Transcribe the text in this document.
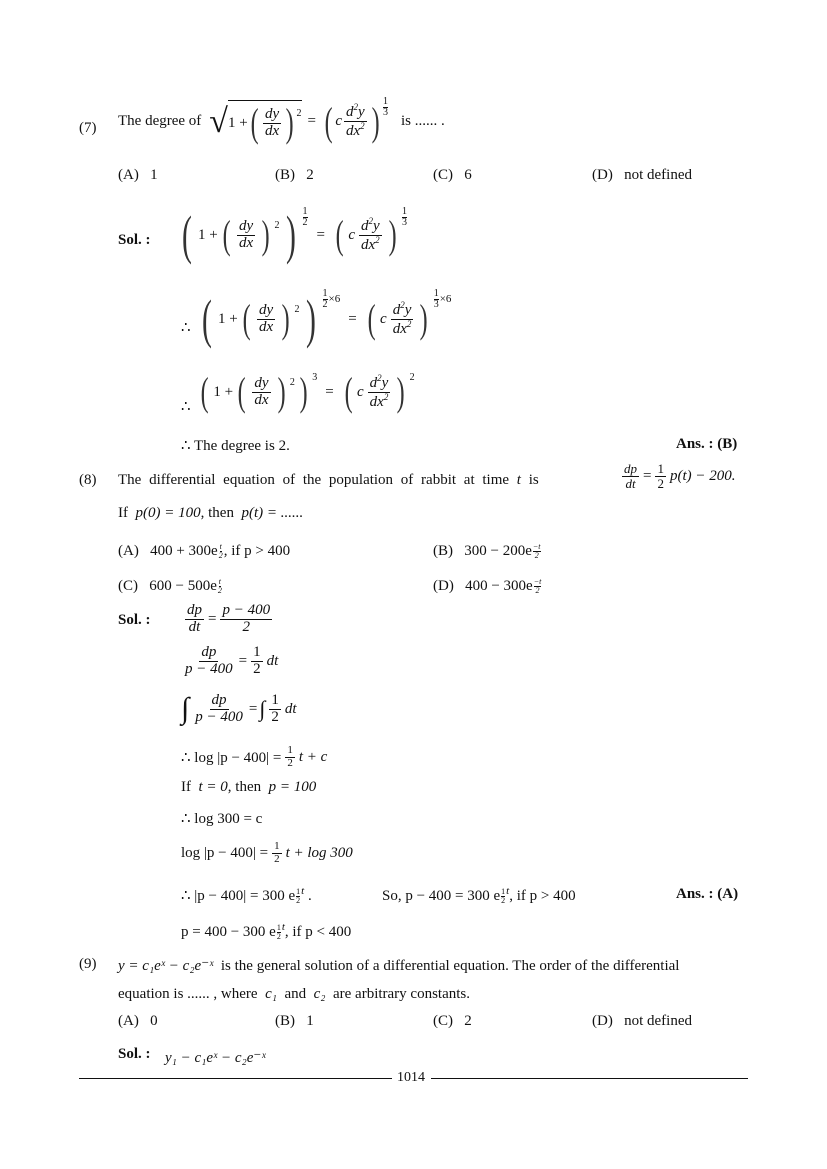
(7) The degree of √ 1 + ( $\frac{dy}{dx}$ ) 2 = ( c $\frac{d^2y}{dx^2}$ ) 1
3
is ...... .
(A) 1	(B) 2	(C) 6	(D) not defined
Sol. : ( 1 + ( $\frac{dy}{dx}$ ) 2 ) $\frac{1}{2}$
= ( c $\frac{d^2y}{dx^2}$ )
1
3
∴ ( 1 + ( $\frac{dy}{dx}$ ) 2 ) 1
2 ×6
= ( c $\frac{d^2y}{dx^2}$ )
1
3 ×6
∴ ( 1 + ( $\frac{dy}{dx}$ ) 2 ) 3
= ( c $\frac{d^2y}{dx^2}$ ) 2
∴ The degree is 2.	Ans. : (B)
(8) The differential equation of the population of rabbit at time t is	$\frac{dp}{dt} = \frac{1}{2} p(t) - 200$.
If p(0) = 100, then p(t) = ......
(A) $400 + 300e \frac{t}{2}$ , if p > 400	(B) $300 - 200e \frac{-t}{2}$
(C) $600 - 500e \frac{t}{2}$	(D) $400 - 300e \frac{-t}{2}$
Sol. : $\frac{dp}{dt} = \frac{p - 400}{2}$
$\frac{dp}{p - 400} = \frac{1}{2}$ dt
∫ $\frac{dp}{p - 400}$ = ∫ $\frac{1}{2}$ dt
∴ $\log |p - 400| = \frac{1}{2}$ t + c
If t = 0, then p = 100
∴ log 300 = c
$\log |p - 400| = \frac{1}{2}$ t + log 300
∴ |p − 400| = 300 e $\frac{1}{2} ^t$ .	So, p − 400 = 300 e $\frac{1}{2} ^t$, if p > 400	Ans. : (A)
p = 400 − 300 e $\frac{1}{2} ^t$, if p < 400
(9) y = c₁eˣ − c₂e⁻ˣ is the general solution of a differential equation. The order of the differential
equation is ...... , where c₁ and c₂ are arbitrary constants.
(A) 0	(B) 1	(C) 2	(D) not defined
Sol. : y₁ − c₁eˣ − c₂e⁻ˣ
1014
